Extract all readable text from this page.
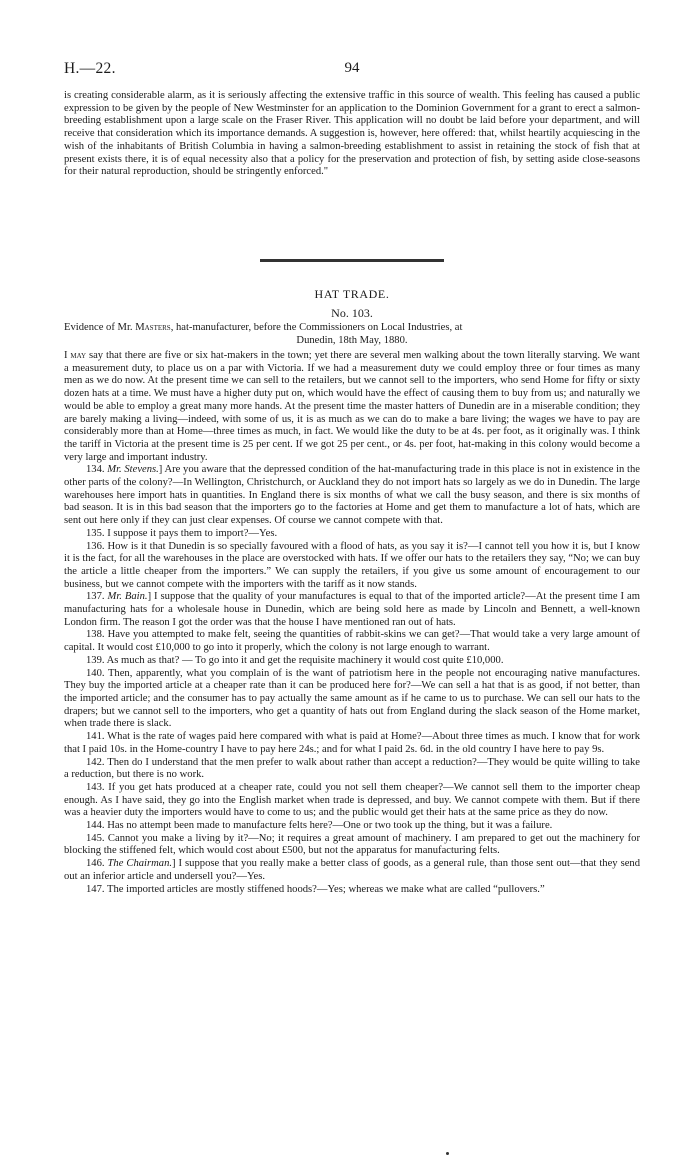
H.—22.	94

is creating considerable alarm, as it is seriously affecting the extensive traffic in this source of wealth. This feeling has caused a public expression to be given by the people of New Westminster for an application to the Dominion Government for a grant to erect a salmon-breeding establishment upon a large scale on the Fraser River. This application will no doubt be laid before your department, and will receive that consideration which its importance demands. A suggestion is, however, here offered: that, whilst heartily acquiescing in the wish of the inhabitants of British Columbia in having a salmon-breeding establishment to assist in retaining the stock of fish that at present exists there, it is of equal necessity also that a policy for the preservation and protection of fish, by setting aside close-seasons for their natural reproduction, should be stringently enforced."

HAT TRADE.
No. 103.

Evidence of Mr. Masters, hat-manufacturer, before the Commissioners on Local Industries, at

Dunedin, 18th May, 1880.

I may say that there are five or six hat-makers in the town; yet there are several men walking about the town literally starving. We want a measurement duty, to place us on a par with Victoria. If we had a measurement duty we could employ three or four times as many men as we do now. At the present time we can sell to the retailers, but we cannot sell to the importers, who send Home for fifty or sixty dozen hats at a time. We must have a higher duty put on, which would have the effect of causing them to buy from us; and naturally we would be able to employ a great many more hands. At the present time the master hatters of Dunedin are in a miserable condition; they are barely making a living—indeed, with some of us, it is as much as we can do to make a bare living; the wages we have to pay are considerably more than at Home—three times as much, in fact. We would like the duty to be at 4s. per foot, as it originally was. I think the tariff in Victoria at the present time is 25 per cent. If we got 25 per cent., or 4s. per foot, hat-making in this colony would become a very large and important industry.

134. Mr. Stevens.] Are you aware that the depressed condition of the hat-manufacturing trade in this place is not in existence in the other parts of the colony?—In Wellington, Christchurch, or Auckland they do not import hats so largely as we do in Dunedin. The large warehouses here import hats in quantities. In England there is six months of what we call the busy season, and there is six months of bad season. It is in this bad season that the importers go to the factories at Home and get them to manufacture a lot of hats, which are sent out here only if they can just clear expenses. Of course we cannot compete with that.

135. I suppose it pays them to import?—Yes.

136. How is it that Dunedin is so specially favoured with a flood of hats, as you say it is?—I cannot tell you how it is, but I know it is the fact, for all the warehouses in the place are overstocked with hats. If we offer our hats to the retailers they say, “No; we can buy the article a little cheaper from the importers.” We can supply the retailers, if you give us some amount of encouragement to our business, but we cannot compete with the importers with the tariff as it now stands.

137. Mr. Bain.] I suppose that the quality of your manufactures is equal to that of the imported article?—At the present time I am manufacturing hats for a wholesale house in Dunedin, which are being sold here as made by Lincoln and Bennett, a well-known London firm. The reason I got the order was that the house I have mentioned ran out of hats.

138. Have you attempted to make felt, seeing the quantities of rabbit-skins we can get?—That would take a very large amount of capital. It would cost £10,000 to go into it properly, which the colony is not large enough to warrant.

139. As much as that? — To go into it and get the requisite machinery it would cost quite £10,000.

140. Then, apparently, what you complain of is the want of patriotism here in the people not encouraging native manufactures. They buy the imported article at a cheaper rate than it can be produced here for?—We can sell a hat that is as good, if not better, than the imported article; and the consumer has to pay actually the same amount as if he came to us to purchase. We can sell our hats to the drapers; but we cannot sell to the importers, who get a quantity of hats out from England during the slack season of the Home market, when trade there is slack.

141. What is the rate of wages paid here compared with what is paid at Home?—About three times as much. I know that for work that I paid 10s. in the Home-country I have to pay here 24s.; and for what I paid 2s. 6d. in the old country I have here to pay 9s.

142. Then do I understand that the men prefer to walk about rather than accept a reduction?—They would be quite willing to take a reduction, but there is no work.

143. If you get hats produced at a cheaper rate, could you not sell them cheaper?—We cannot sell them to the importer cheap enough. As I have said, they go into the English market when trade is depressed, and buy. We cannot compete with them. But if there was a heavier duty the importers would have to come to us; and the public would get their hats at the same price as they do now.

144. Has no attempt been made to manufacture felts here?—One or two took up the thing, but it was a failure.

145. Cannot you make a living by it?—No; it requires a great amount of machinery. I am prepared to get out the machinery for blocking the stiffened felt, which would cost about £500, but not the apparatus for manufacturing felts.

146. The Chairman.] I suppose that you really make a better class of goods, as a general rule, than those sent out—that they send out an inferior article and undersell you?—Yes.

147. The imported articles are mostly stiffened hoods?—Yes; whereas we make what are called “pullovers.”
